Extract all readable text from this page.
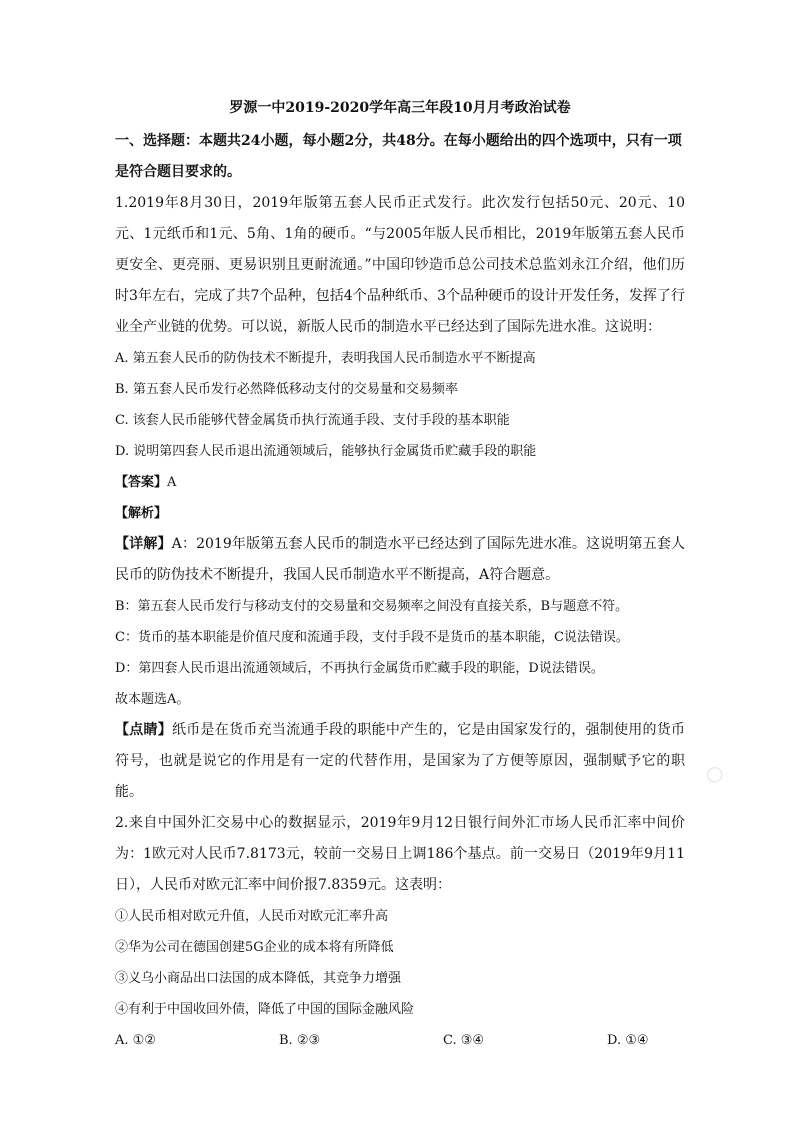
罗源一中2019-2020学年高三年段10月月考政治试卷
一、选择题：本题共24小题，每小题2分，共48分。在每小题给出的四个选项中，只有一项是符合题目要求的。
1.2019年8月30日，2019年版第五套人民币正式发行。此次发行包括50元、20元、10元、1元纸币和1元、5角、1角的硬币。“与2005年版人民币相比，2019年版第五套人民币更安全、更亮丽、更易识别且更耐流通。”中国印钞造币总公司技术总监刘永江介绍，他们历时3年左右，完成了共7个品种，包括4个品种纸币、3个品种硬币的设计开发任务，发挥了行业全产业链的优势。可以说，新版人民币的制造水平已经达到了国际先进水准。这说明：
A. 第五套人民币的防伪技术不断提升，表明我国人民币制造水平不断提高
B. 第五套人民币发行必然降低移动支付的交易量和交易频率
C. 该套人民币能够代替金属货币执行流通手段、支付手段的基本职能
D. 说明第四套人民币退出流通领域后，能够执行金属货币贮藏手段的职能
【答案】A
【解析】
【详解】A：2019年版第五套人民币的制造水平已经达到了国际先进水准。这说明第五套人民币的防伪技术不断提升，我国人民币制造水平不断提高，A符合题意。
B：第五套人民币发行与移动支付的交易量和交易频率之间没有直接关系，B与题意不符。
C：货币的基本职能是价值尺度和流通手段，支付手段不是货币的基本职能，C说法错误。
D：第四套人民币退出流通领域后，不再执行金属货币贮藏手段的职能，D说法错误。
故本题选A。
【点睛】纸币是在货币充当流通手段的职能中产生的，它是由国家发行的，强制使用的货币符号，也就是说它的作用是有一定的代替作用，是国家为了方便等原因，强制赋予它的职能。
2.来自中国外汇交易中心的数据显示，2019年9月12日银行间外汇市场人民币汇率中间价为：1欧元对人民币7.8173元，较前一交易日上调186个基点。前一交易日（2019年9月11日），人民币对欧元汇率中间价报7.8359元。这表明：
①人民币相对欧元升值，人民币对欧元汇率升高
②华为公司在德国创建5G企业的成本将有所降低
③义乌小商品出口法国的成本降低，其竞争力增强
④有利于中国收回外债，降低了中国的国际金融风险
A. ①②	B. ②③	C. ③④	D. ①④
○
